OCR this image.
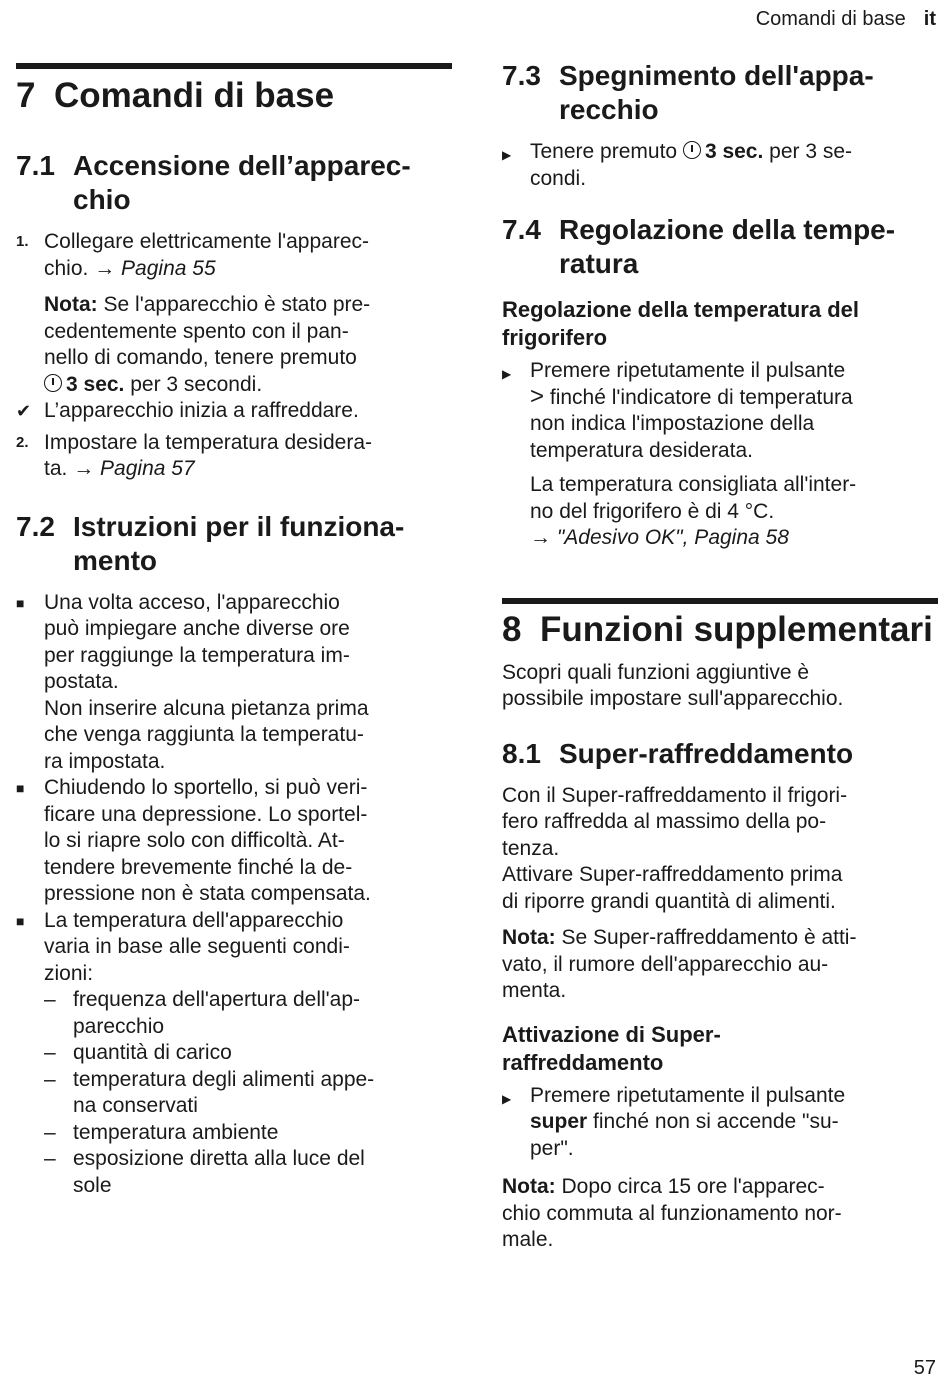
Comandi di base it
7 Comandi di base
7.1 Accensione dell’apparec-
chio
1. Collegare elettricamente l'apparec-
chio. → Pagina 55
Nota: Se l'apparecchio è stato pre-
cedentemente spento con il pan-
nello di comando, tenere premuto
3 sec. per 3 secondi.
✔ L’apparecchio inizia a raffreddare.
2. Impostare la temperatura desidera-
ta. → Pagina 57
7.2 Istruzioni per il funziona-
mento
■ Una volta acceso, l'apparecchio
può impiegare anche diverse ore
per raggiunge la temperatura im-
postata.
Non inserire alcuna pietanza prima
che venga raggiunta la temperatu-
ra impostata.
■ Chiudendo lo sportello, si può veri-
ficare una depressione. Lo sportel-
lo si riapre solo con difficoltà. At-
tendere brevemente finché la de-
pressione non è stata compensata.
■ La temperatura dell'apparecchio
varia in base alle seguenti condi-
zioni:
– frequenza dell'apertura dell'ap-
parecchio
– quantità di carico
– temperatura degli alimenti appe-
na conservati
– temperatura ambiente
– esposizione diretta alla luce del
sole
7.3 Spegnimento dell'appa-
recchio
▶ Tenere premuto 3 sec. per 3 se-
condi.
7.4 Regolazione della tempe-
ratura
Regolazione della temperatura del
frigorifero
▶ Premere ripetutamente il pulsante
> finché l'indicatore di temperatura
non indica l'impostazione della
temperatura desiderata.
La temperatura consigliata all'inter-
no del frigorifero è di 4 °C.
→ "Adesivo OK", Pagina 58
8 Funzioni supplementari
Scopri quali funzioni aggiuntive è
possibile impostare sull'apparecchio.
8.1 Super-raffreddamento
Con il Super-raffreddamento il frigori-
fero raffredda al massimo della po-
tenza.
Attivare Super-raffreddamento prima
di riporre grandi quantità di alimenti.
Nota: Se Super-raffreddamento è atti-
vato, il rumore dell'apparecchio au-
menta.
Attivazione di Super-
raffreddamento
▶ Premere ripetutamente il pulsante
super finché non si accende "su-
per".
Nota: Dopo circa 15 ore l'apparec-
chio commuta al funzionamento nor-
male.
57
